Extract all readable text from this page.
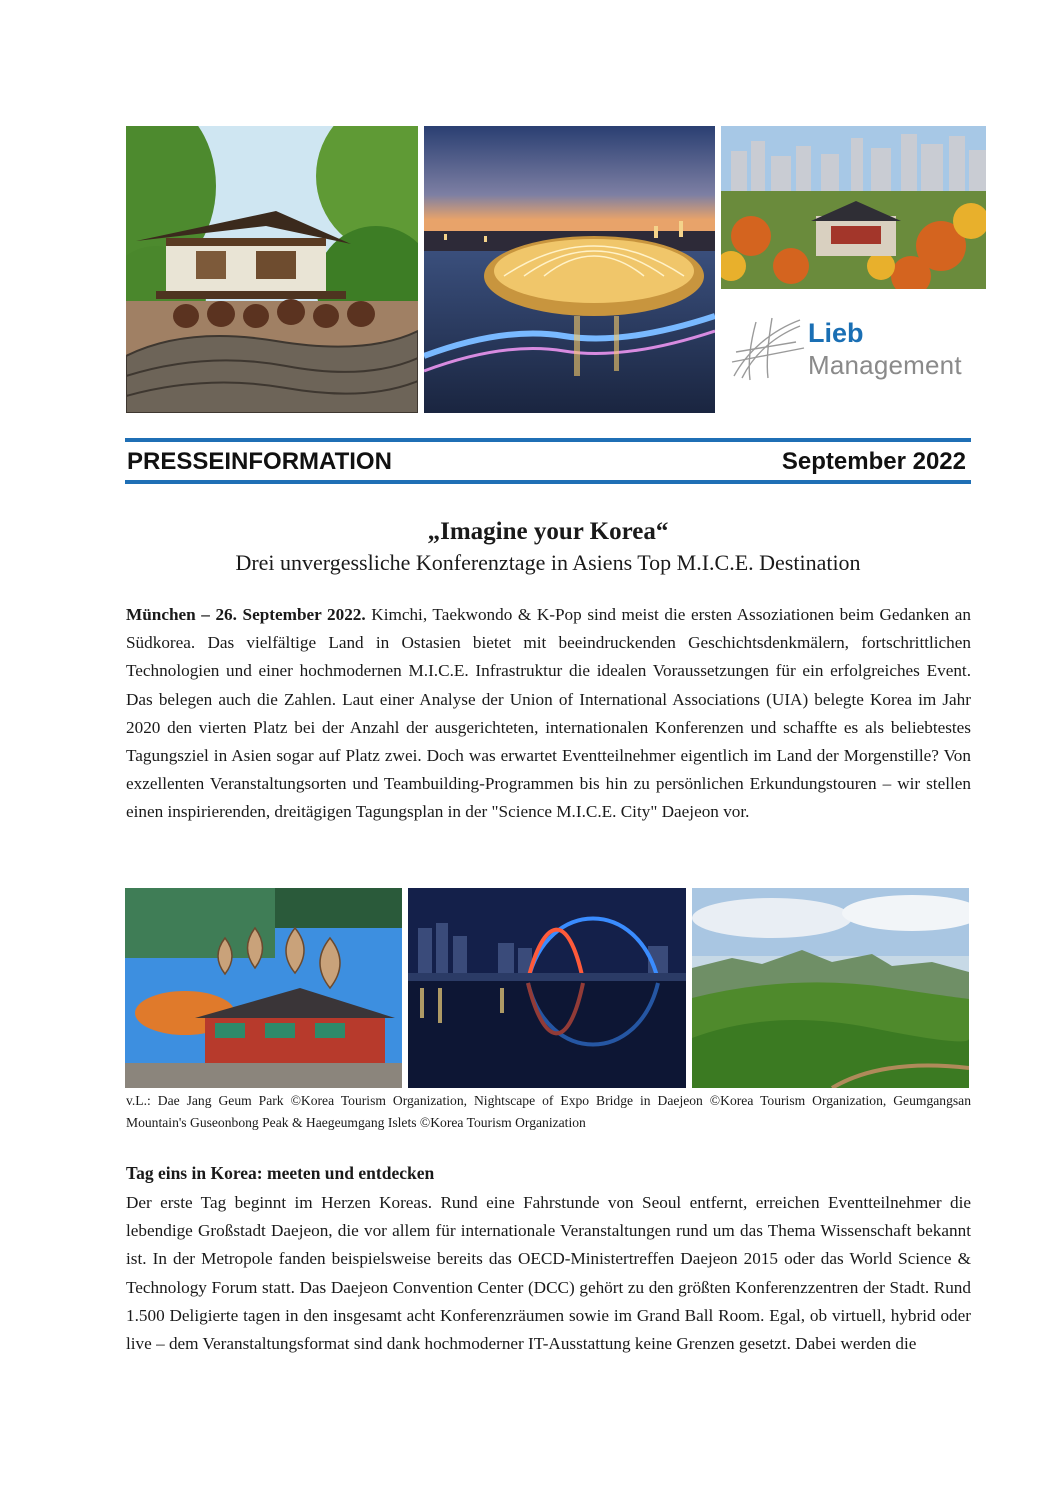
Lieb
Management
PRESSEINFORMATION	September 2022
„Imagine your Korea“
Drei unvergessliche Konferenztage in Asiens Top M.I.C.E. Destination

München – 26. September 2022. Kimchi, Taekwondo & K-Pop sind meist die ersten Assoziationen beim Gedanken an Südkorea. Das vielfältige Land in Ostasien bietet mit beeindruckenden Geschichtsdenkmälern, fortschrittlichen Technologien und einer hochmodernen M.I.C.E. Infrastruktur die idealen Voraussetzungen für ein erfolgreiches Event. Das belegen auch die Zahlen. Laut einer Analyse der Union of International Associations (UIA) belegte Korea im Jahr 2020 den vierten Platz bei der Anzahl der ausgerichteten, internationalen Konferenzen und schaffte es als beliebtestes Tagungsziel in Asien sogar auf Platz zwei. Doch was erwartet Eventteilnehmer eigentlich im Land der Morgenstille? Von exzellenten Veranstaltungsorten und Teambuilding-Programmen bis hin zu persönlichen Erkundungstouren – wir stellen einen inspirierenden, dreitägigen Tagungsplan in der "Science M.I.C.E. City" Daejeon vor.

v.L.: Dae Jang Geum Park ©Korea Tourism Organization, Nightscape of Expo Bridge in Daejeon ©Korea Tourism Organization, Geumgangsan Mountain's Guseonbong Peak & Haegeumgang Islets ©Korea Tourism Organization
Tag eins in Korea: meeten und entdecken

Der erste Tag beginnt im Herzen Koreas. Rund eine Fahrstunde von Seoul entfernt, erreichen Eventteilnehmer die lebendige Großstadt Daejeon, die vor allem für internationale Veranstaltungen rund um das Thema Wissenschaft bekannt ist. In der Metropole fanden beispielsweise bereits das OECD-Ministertreffen Daejeon 2015 oder das World Science & Technology Forum statt. Das Daejeon Convention Center (DCC) gehört zu den größten Konferenzzentren der Stadt. Rund 1.500 Deligierte tagen in den insgesamt acht Konferenzräumen sowie im Grand Ball Room. Egal, ob virtuell, hybrid oder live – dem Veranstaltungsformat sind dank hochmoderner IT-Ausstattung keine Grenzen gesetzt. Dabei werden die
